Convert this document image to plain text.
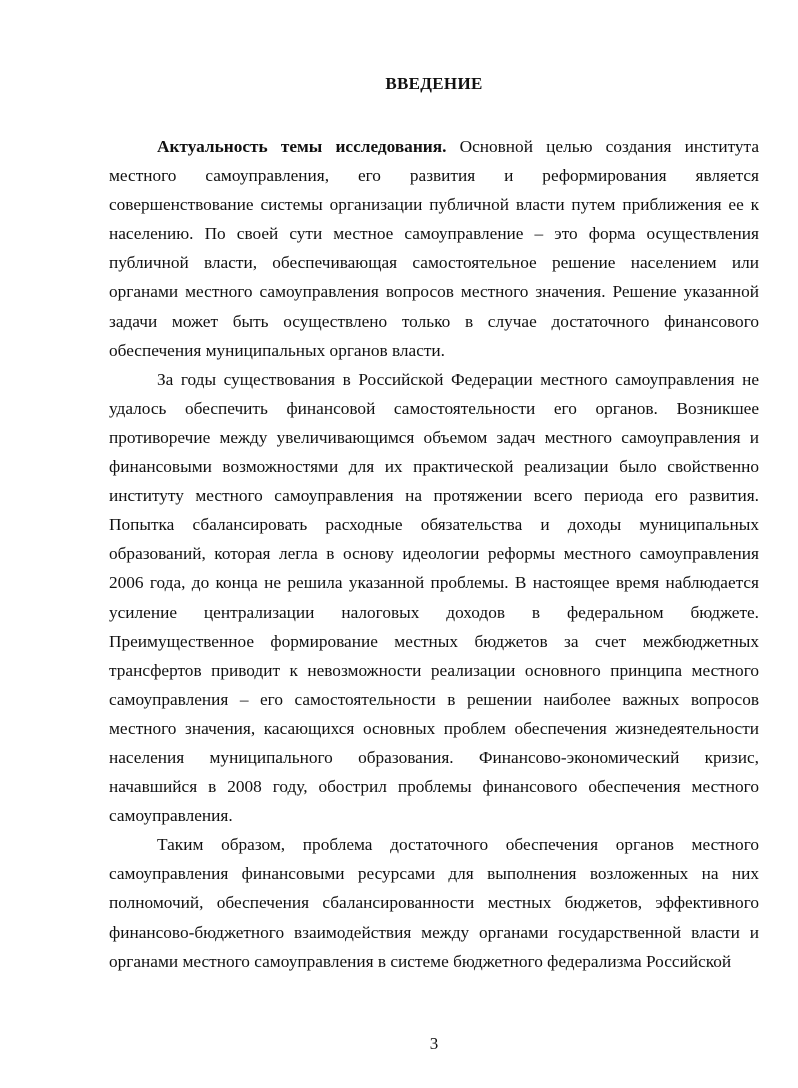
ВВЕДЕНИЕ

Актуальность темы исследования. Основной целью создания института местного самоуправления, его развития и реформирования является совершенствование системы организации публичной власти путем приближения ее к населению. По своей сути местное самоуправление – это форма осуществления публичной власти, обеспечивающая самостоятельное решение населением или органами местного самоуправления вопросов местного значения. Решение указанной задачи может быть осуществлено только в случае достаточного финансового обеспечения муниципальных органов власти.

За годы существования в Российской Федерации местного самоуправления не удалось обеспечить финансовой самостоятельности его органов. Возникшее противоречие между увеличивающимся объемом задач местного самоуправления и финансовыми возможностями для их практической реализации было свойственно институту местного самоуправления на протяжении всего периода его развития. Попытка сбалансировать расходные обязательства и доходы муниципальных образований, которая легла в основу идеологии реформы местного самоуправления 2006 года, до конца не решила указанной проблемы. В настоящее время наблюдается усиление централизации налоговых доходов в федеральном бюджете. Преимущественное формирование местных бюджетов за счет межбюджетных трансфертов приводит к невозможности реализации основного принципа местного самоуправления – его самостоятельности в решении наиболее важных вопросов местного значения, касающихся основных проблем обеспечения жизнедеятельности населения муниципального образования. Финансово-экономический кризис, начавшийся в 2008 году, обострил проблемы финансового обеспечения местного самоуправления.

Таким образом, проблема достаточного обеспечения органов местного самоуправления финансовыми ресурсами для выполнения возложенных на них полномочий, обеспечения сбалансированности местных бюджетов, эффективного финансово-бюджетного взаимодействия между органами государственной власти и органами местного самоуправления в системе бюджетного федерализма Российской

3
